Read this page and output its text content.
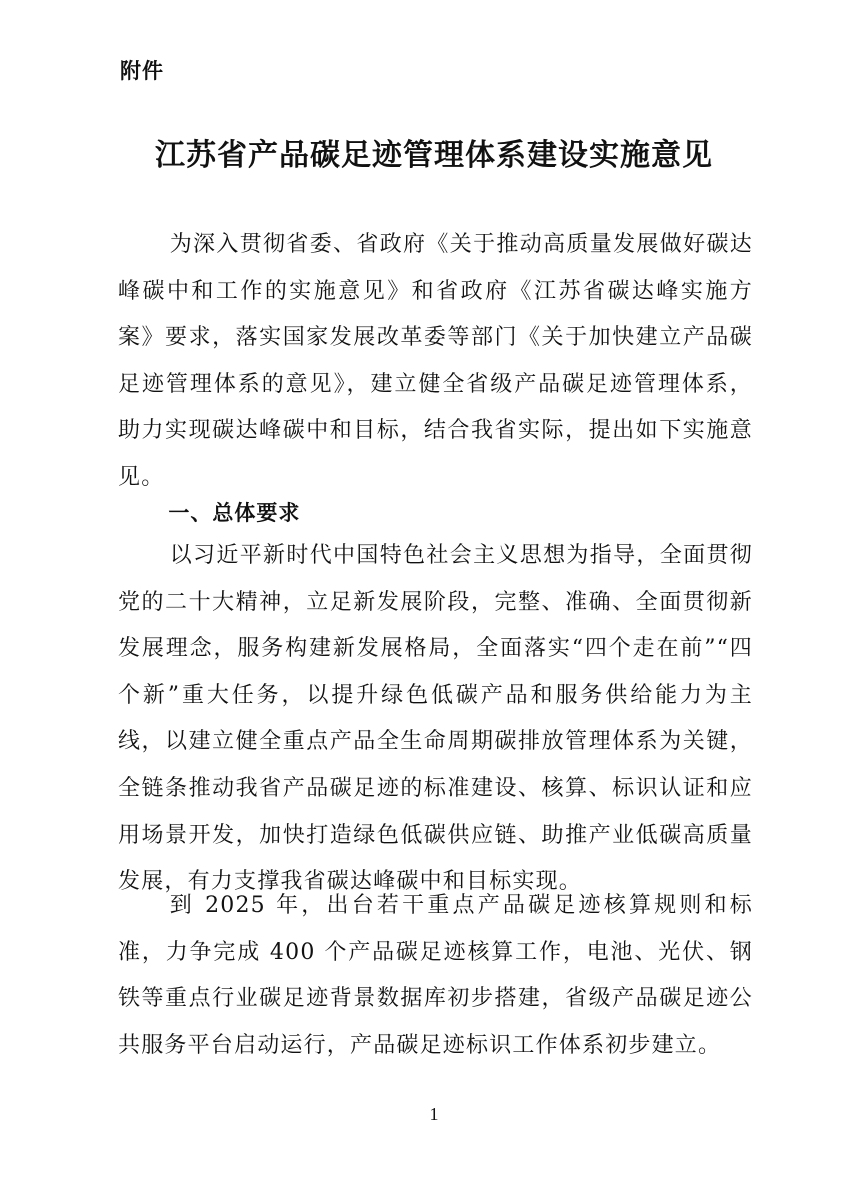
附件
江苏省产品碳足迹管理体系建设实施意见

为深入贯彻省委、省政府《关于推动高质量发展做好碳达峰碳中和工作的实施意见》和省政府《江苏省碳达峰实施方案》要求，落实国家发展改革委等部门《关于加快建立产品碳足迹管理体系的意见》，建立健全省级产品碳足迹管理体系，助力实现碳达峰碳中和目标，结合我省实际，提出如下实施意见。

一、总体要求

以习近平新时代中国特色社会主义思想为指导，全面贯彻党的二十大精神，立足新发展阶段，完整、准确、全面贯彻新发展理念，服务构建新发展格局，全面落实“四个走在前”“四个新”重大任务，以提升绿色低碳产品和服务供给能力为主线，以建立健全重点产品全生命周期碳排放管理体系为关键，全链条推动我省产品碳足迹的标准建设、核算、标识认证和应用场景开发，加快打造绿色低碳供应链、助推产业低碳高质量发展，有力支撑我省碳达峰碳中和目标实现。

到 2025 年，出台若干重点产品碳足迹核算规则和标准，力争完成 400 个产品碳足迹核算工作，电池、光伏、钢铁等重点行业碳足迹背景数据库初步搭建，省级产品碳足迹公共服务平台启动运行，产品碳足迹标识工作体系初步建立。

1
